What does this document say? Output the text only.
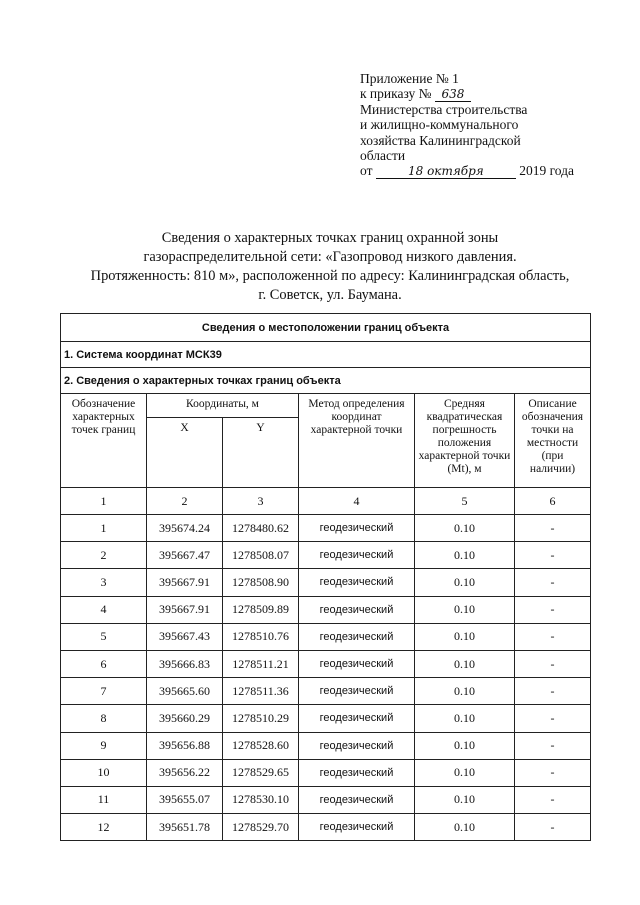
Приложение № 1
к приказу № 638
Министерства строительства
и жилищно-коммунального
хозяйства Калининградской
области
от	18 октября	2019 года
Сведения о характерных точках границ охранной зоны
газораспределительной сети: «Газопровод низкого давления.
Протяженность: 810 м», расположенной по адресу: Калининградская область,
г. Советск, ул. Баумана.
Сведения о местоположении границ объекта					
1. Система координат МСК39					
2. Сведения о характерных точках границ объекта					
Обозначение характерных точек границ	Координаты, м		Метод определения координат характерной точки	Средняя квадратическая погрешность положения характерной точки (Mt), м	Описание обозначения точки на местности (при наличии)
	X	Y			
1	2	3	4	5	6
1	395674.24	1278480.62	геодезический	0.10	-
2	395667.47	1278508.07	геодезический	0.10	-
3	395667.91	1278508.90	геодезический	0.10	-
4	395667.91	1278509.89	геодезический	0.10	-
5	395667.43	1278510.76	геодезический	0.10	-
6	395666.83	1278511.21	геодезический	0.10	-
7	395665.60	1278511.36	геодезический	0.10	-
8	395660.29	1278510.29	геодезический	0.10	-
9	395656.88	1278528.60	геодезический	0.10	-
10	395656.22	1278529.65	геодезический	0.10	-
11	395655.07	1278530.10	геодезический	0.10	-
12	395651.78	1278529.70	геодезический	0.10	-
